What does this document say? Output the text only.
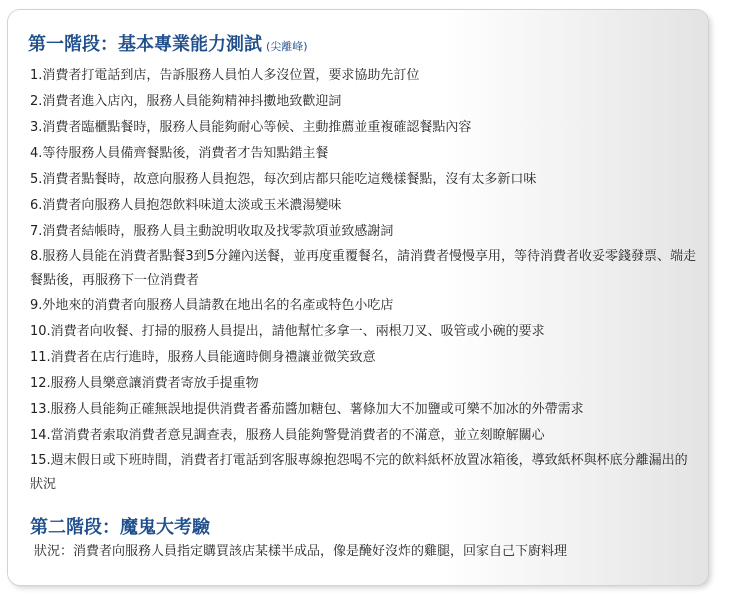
第一階段：基本專業能力測試 (尖離峰)
1.消費者打電話到店，告訴服務人員怕人多沒位置，要求協助先訂位
2.消費者進入店內，服務人員能夠精神抖擻地致歡迎詞
3.消費者臨櫃點餐時，服務人員能夠耐心等候、主動推薦並重複確認餐點內容
4.等待服務人員備齊餐點後，消費者才告知點錯主餐
5.消費者點餐時，故意向服務人員抱怨，每次到店都只能吃這幾樣餐點，沒有太多新口味
6.消費者向服務人員抱怨飲料味道太淡或玉米濃湯變味
7.消費者結帳時，服務人員主動說明收取及找零款項並致感謝詞
8.服務人員能在消費者點餐3到5分鐘內送餐，並再度重覆餐名，請消費者慢慢享用，等待消費者收妥零錢發票、端走餐點後，再服務下一位消費者
9.外地來的消費者向服務人員請教在地出名的名產或特色小吃店
10.消費者向收餐、打掃的服務人員提出，請他幫忙多拿一、兩根刀叉、吸管或小碗的要求
11.消費者在店行進時，服務人員能適時側身禮讓並微笑致意
12.服務人員樂意讓消費者寄放手提重物
13.服務人員能夠正確無誤地提供消費者番茄醬加糖包、薯條加大不加鹽或可樂不加冰的外帶需求
14.當消費者索取消費者意見調查表，服務人員能夠警覺消費者的不滿意，並立刻瞭解關心
15.週末假日或下班時間，消費者打電話到客服專線抱怨喝不完的飲料紙杯放置冰箱後，導致紙杯與杯底分離漏出的狀況
第二階段：魔鬼大考驗
狀況：消費者向服務人員指定購買該店某樣半成品，像是醃好沒炸的雞腿，回家自己下廚料理
